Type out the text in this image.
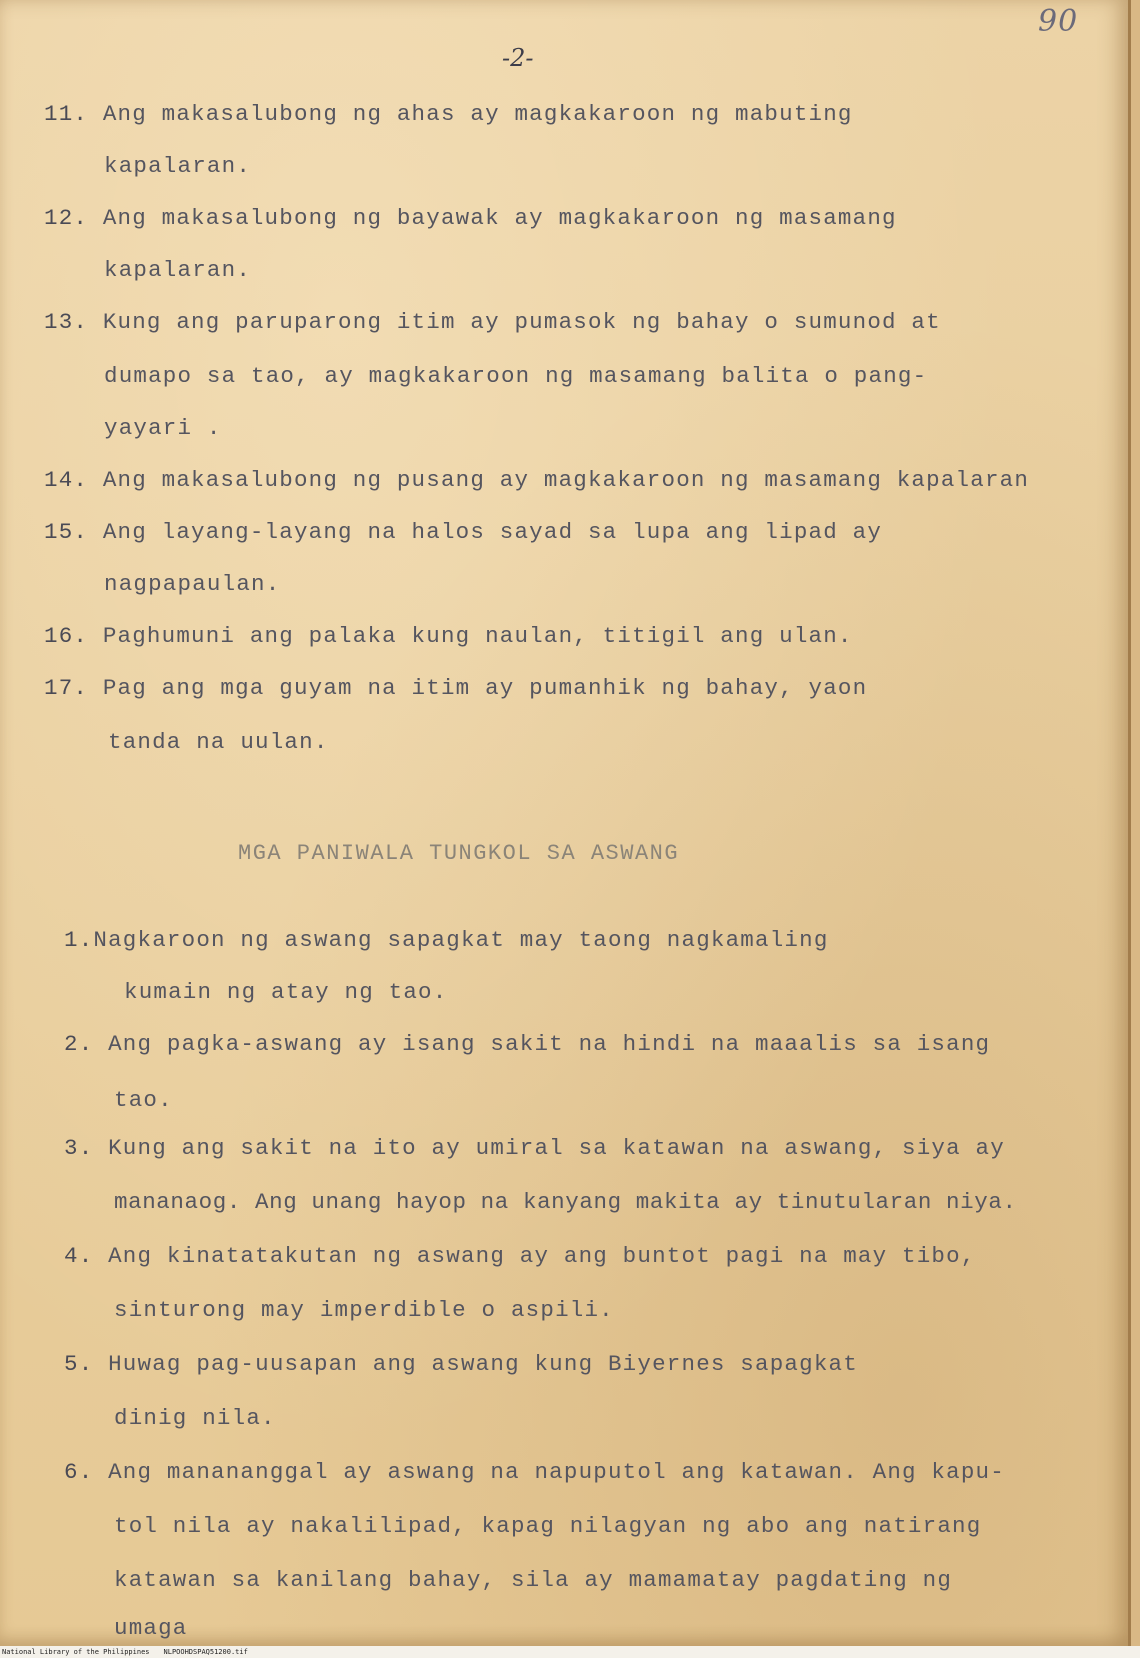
90
-2-
11. Ang makasalubong ng ahas ay magkakaroon ng mabuting
kapalaran.
12. Ang makasalubong ng bayawak ay magkakaroon ng masamang
kapalaran.
13. Kung ang paruparong itim ay pumasok ng bahay o sumunod at
dumapo sa tao, ay magkakaroon ng masamang balita o pang-
yayari .
14. Ang makasalubong ng pusang ay magkakaroon ng masamang kapalaran
15. Ang layang-layang na halos sayad sa lupa ang lipad ay
nagpapaulan.
16. Paghumuni ang palaka kung naulan, titigil ang ulan.
17. Pag ang mga guyam na itim ay pumanhik ng bahay, yaon
tanda na uulan.
MGA PANIWALA TUNGKOL SA ASWANG
1.Nagkaroon ng aswang sapagkat may taong nagkamaling
kumain ng atay ng tao.
2. Ang pagka-aswang ay isang sakit na hindi na maaalis sa isang
tao.
3. Kung ang sakit na ito ay umiral sa katawan na aswang, siya ay
mananaog. Ang unang hayop na kanyang makita ay tinutularan niya.
4. Ang kinatatakutan ng aswang ay ang buntot pagi na may tibo,
sinturong may imperdible o aspili.
5. Huwag pag-uusapan ang aswang kung Biyernes sapagkat
dinig nila.
6. Ang manananggal ay aswang na napuputol ang katawan. Ang kapu-
tol nila ay nakalilipad, kapag nilagyan ng abo ang natirang
katawan sa kanilang bahay, sila ay mamamatay pagdating ng
umaga
National Library of the Philippines NLPOOHDSPAQ51200.tif
